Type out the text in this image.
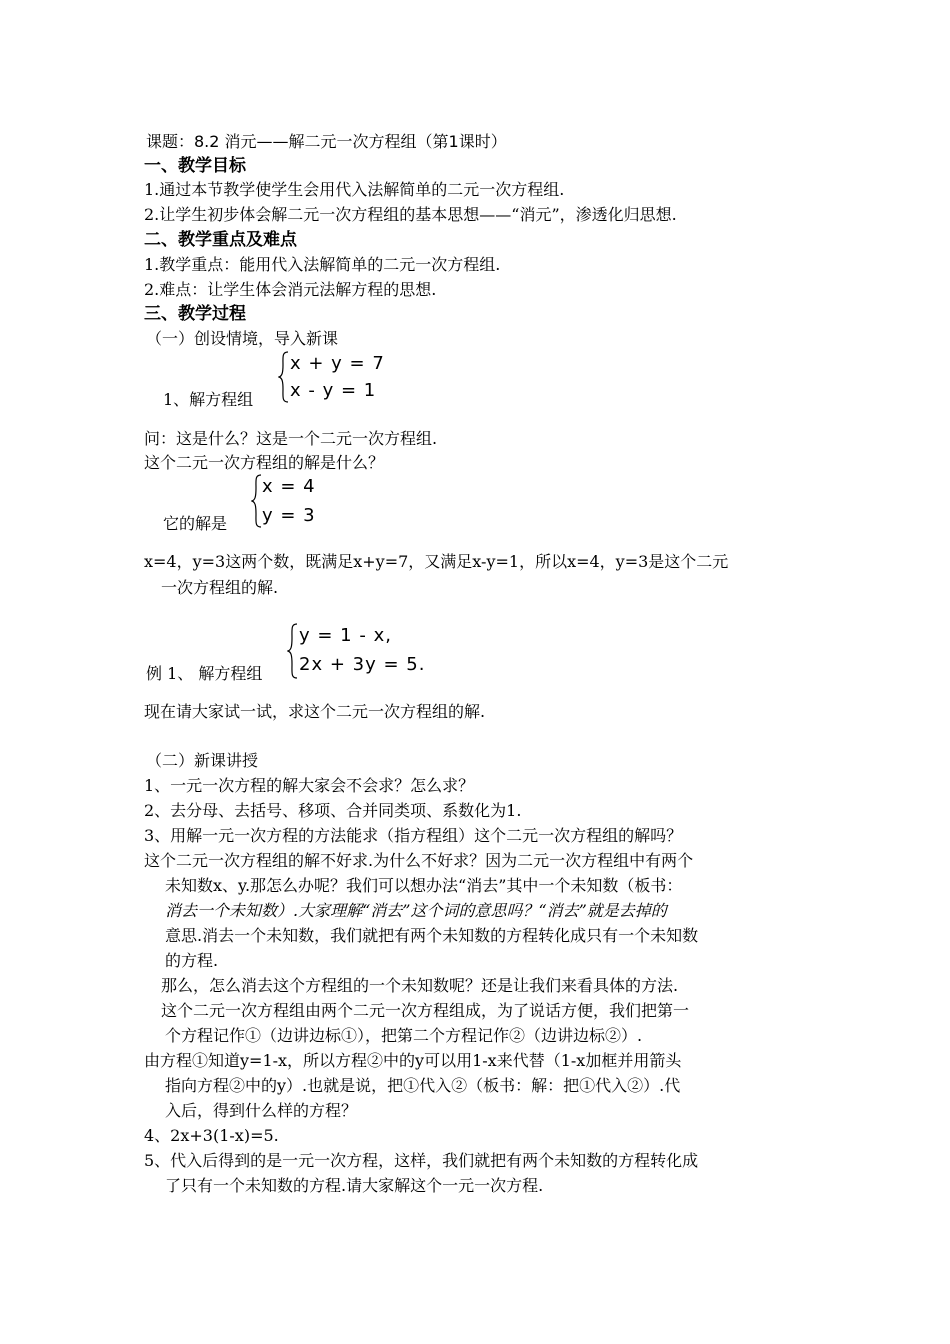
课题：8.2 消元——解二元一次方程组（第1课时）
一、教学目标
1.通过本节教学使学生会用代入法解简单的二元一次方程组.
2.让学生初步体会解二元一次方程组的基本思想——“消元”，渗透化归思想.
二、教学重点及难点
1.教学重点：能用代入法解简单的二元一次方程组.
2.难点：让学生体会消元法解方程的思想.
三、教学过程
（一）创设情境，导入新课
1、解方程组
x + y = 7
x - y = 1
问：这是什么？这是一个二元一次方程组.
这个二元一次方程组的解是什么？
它的解是
x = 4
y = 3
x=4，y=3这两个数，既满足x+y=7，又满足x-y=1，所以x=4，y=3是这个二元
一次方程组的解.
例 1、 解方程组
y = 1 - x,
2x + 3y = 5.
现在请大家试一试，求这个二元一次方程组的解.
（二）新课讲授
1、一元一次方程的解大家会不会求？怎么求？
2、去分母、去括号、移项、合并同类项、系数化为1.
3、用解一元一次方程的方法能求（指方程组）这个二元一次方程组的解吗？
这个二元一次方程组的解不好求.为什么不好求？因为二元一次方程组中有两个
未知数x、y.那怎么办呢？我们可以想办法“消去”其中一个未知数（板书：
消去一个未知数）.大家理解“消去”这个词的意思吗？“消去”就是去掉的
意思.消去一个未知数，我们就把有两个未知数的方程转化成只有一个未知数
的方程.
那么，怎么消去这个方程组的一个未知数呢？还是让我们来看具体的方法.
这个二元一次方程组由两个二元一次方程组成，为了说话方便，我们把第一
个方程记作①（边讲边标①），把第二个方程记作②（边讲边标②）.
由方程①知道y=1-x，所以方程②中的y可以用1-x来代替（1-x加框并用箭头
指向方程②中的y）.也就是说，把①代入②（板书：解：把①代入②）.代
入后，得到什么样的方程？
4、2x+3(1-x)=5.
5、代入后得到的是一元一次方程，这样，我们就把有两个未知数的方程转化成
了只有一个未知数的方程.请大家解这个一元一次方程.
